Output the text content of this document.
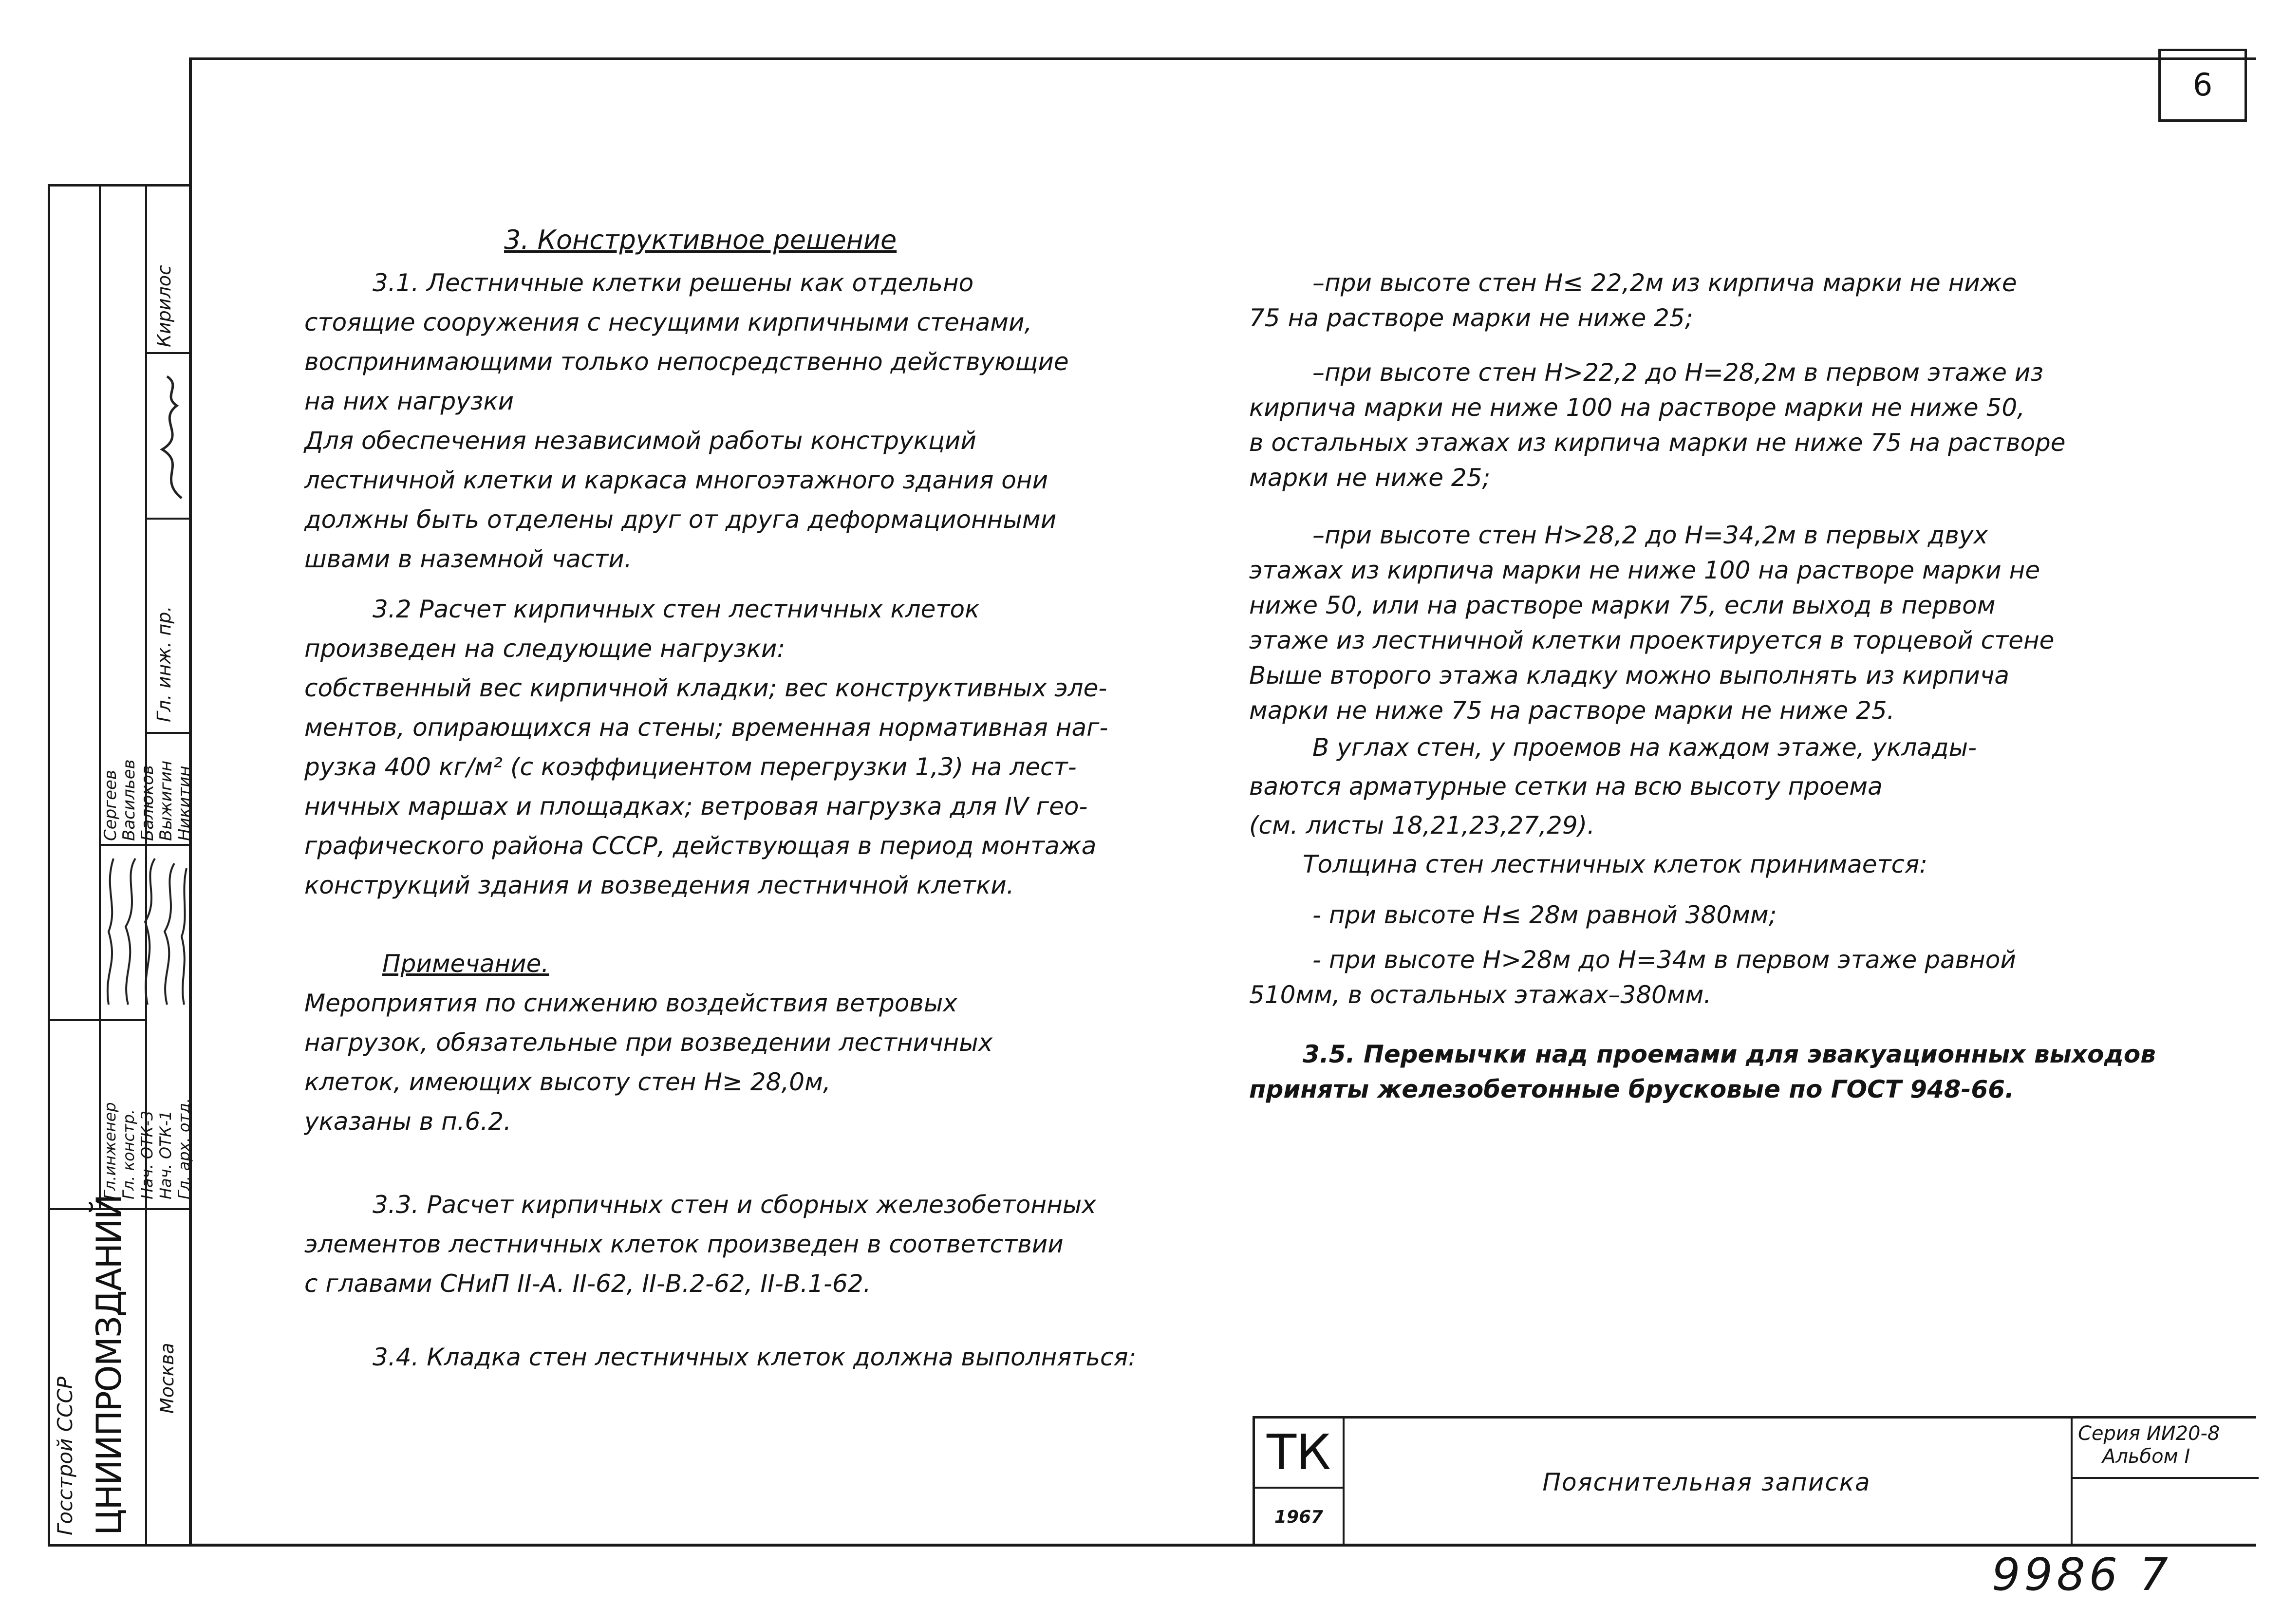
6
Кирилос
Гл. инж. пр.
Сергеев
Васильев
Балюков
Выжигин
Никитин
Гл.инженер Гл. констр. Нач. ОТК-3 Нач. ОТК-1 Гл. арх. отд.
Госстрой СССР ЦНИИПРОМЗДАНИЙ Москва
3. Конструктивное решение

3.1. Лестничные клетки решены как отдельно

стоящие сооружения с несущими кирпичными стенами,

воспринимающими только непосредственно действующие

на них нагрузки

Для обеспечения независимой работы конструкций

лестничной клетки и каркаса многоэтажного здания они

должны быть отделены друг от друга деформационными

швами в наземной части.

3.2 Расчет кирпичных стен лестничных клеток

произведен на следующие нагрузки:

собственный вес кирпичной кладки; вес конструктивных эле-

ментов, опирающихся на стены; временная нормативная наг-

рузка 400 кг/м² (с коэффициентом перегрузки 1,3) на лест-

ничных маршах и площадках; ветровая нагрузка для IV гео-

графического района СССР, действующая в период монтажа

конструкций здания и возведения лестничной клетки.

Примечание.

Мероприятия по снижению воздействия ветровых

нагрузок, обязательные при возведении лестничных

клеток, имеющих высоту стен H≥ 28,0м,

указаны в п.6.2.

3.3. Расчет кирпичных стен и сборных железобетонных

элементов лестничных клеток произведен в соответствии

с главами СНиП II-А. II-62, II-В.2-62, II-В.1-62.

3.4. Кладка стен лестничных клеток должна выполняться:

–при высоте стен H≤ 22,2м из кирпича марки не ниже

75 на растворе марки не ниже 25;

–при высоте стен H>22,2 до H=28,2м в первом этаже из

кирпича марки не ниже 100 на растворе марки не ниже 50,

в остальных этажах из кирпича марки не ниже 75 на растворе

марки не ниже 25;

–при высоте стен H>28,2 до H=34,2м в первых двух

этажах из кирпича марки не ниже 100 на растворе марки не

ниже 50, или на растворе марки 75, если выход в первом

этаже из лестничной клетки проектируется в торцевой стене

Выше второго этажа кладку можно выполнять из кирпича

марки не ниже 75 на растворе марки не ниже 25.

В углах стен, у проемов на каждом этаже, уклады-

ваются арматурные сетки на всю высоту проема

(см. листы 18,21,23,27,29).

Толщина стен лестничных клеток принимается:

- при высоте H≤ 28м равной 380мм;

- при высоте H>28м до H=34м в первом этаже равной

510мм, в остальных этажах–380мм.

3.5. Перемычки над проемами для эвакуационных выходов

приняты железобетонные брусковые по ГОСТ 948-66.

ТК
1967
Пояснительная записка
Серия ИИ20-8
Альбом I
9986 7
